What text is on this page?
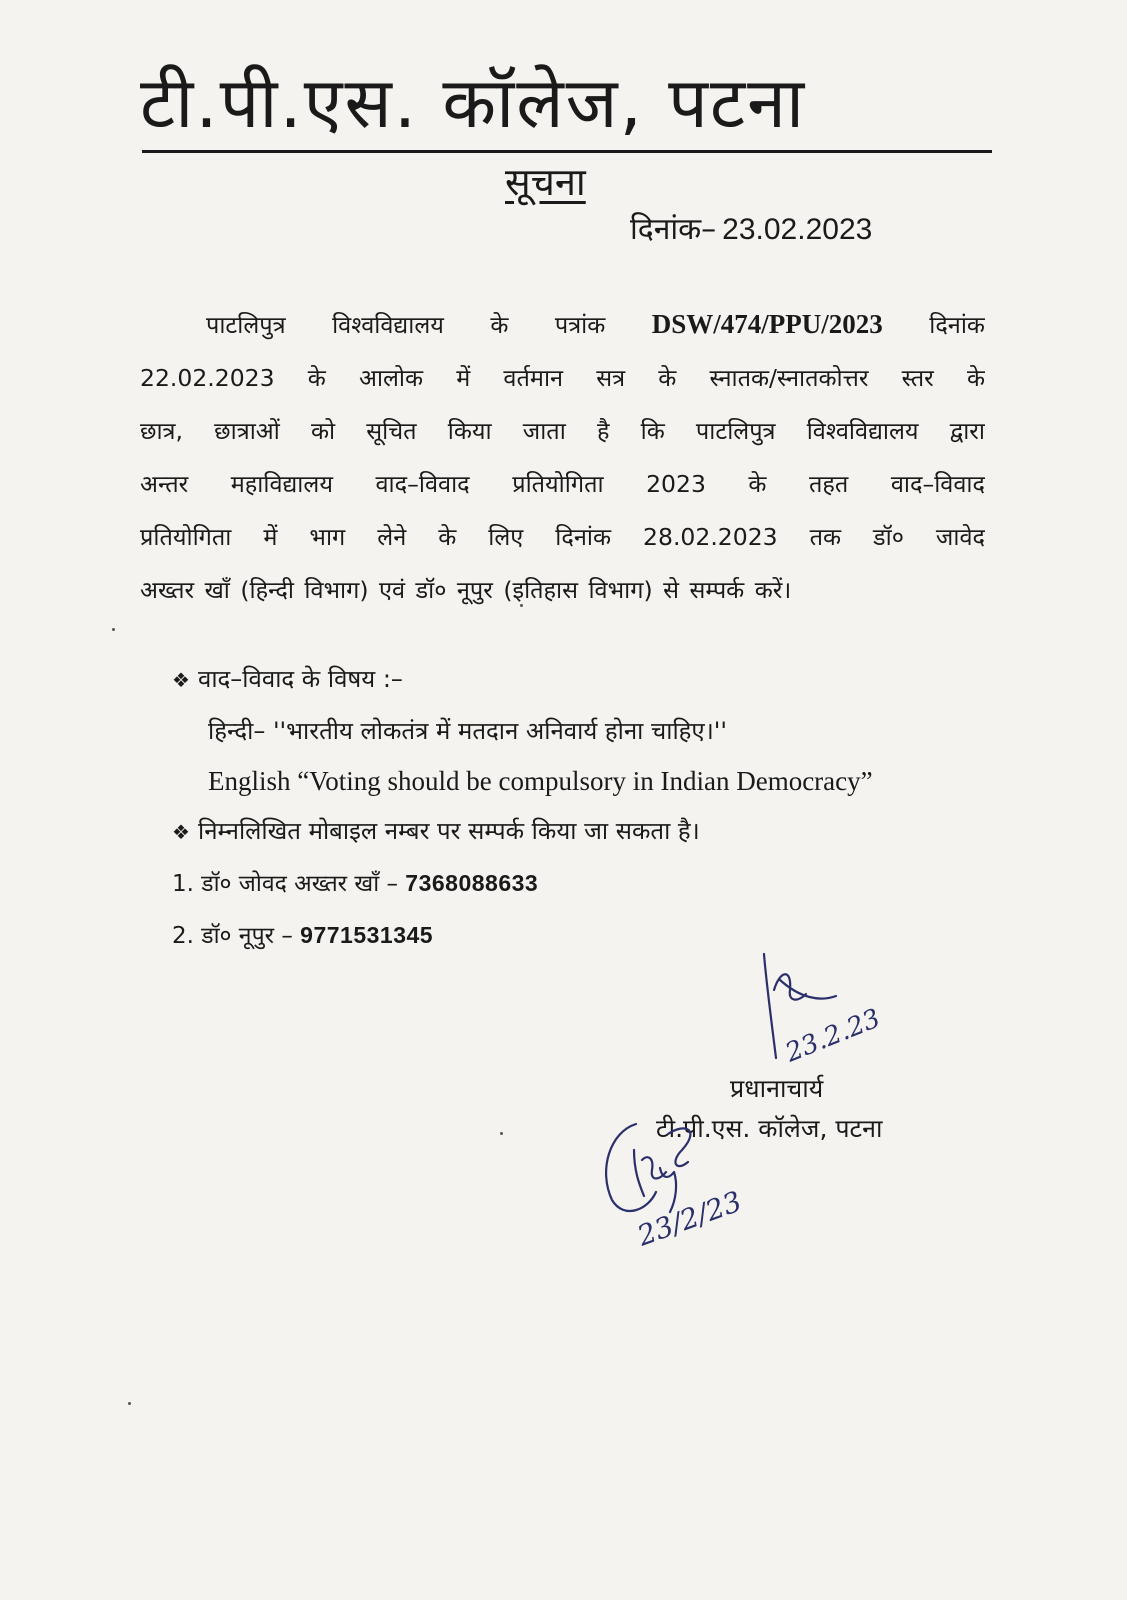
टी.पी.एस. कॉलेज, पटना
सूचना
दिनांक– 23.02.2023
पाटलिपुत्र विश्वविद्यालय के पत्रांक DSW/474/PPU/2023 दिनांक
22.02.2023 के आलोक में वर्तमान सत्र के स्नातक/स्नातकोत्तर स्तर के
छात्र, छात्राओं को सूचित किया जाता है कि पाटलिपुत्र विश्वविद्यालय द्वारा
अन्तर महाविद्यालय वाद–विवाद प्रतियोगिता 2023 के तहत वाद–विवाद
प्रतियोगिता में भाग लेने के लिए दिनांक 28.02.2023 तक डॉ० जावेद
अख्तर खाँ (हिन्दी विभाग) एवं डॉ० नूपुर (इतिहास विभाग) से सम्पर्क करें।
❖ वाद–विवाद के विषय :–
हिन्दी– ''भारतीय लोकतंत्र में मतदान अनिवार्य होना चाहिए।''
English “Voting should be compulsory in Indian Democracy”
❖ निम्नलिखित मोबाइल नम्बर पर सम्पर्क किया जा सकता है।
1. डॉ० जोवद अख्तर खाँ – 7368088633
2. डॉ० नूपुर – 9771531345
23.2.23
प्रधानाचार्य
टी.पी.एस. कॉलेज, पटना
23/2/23
